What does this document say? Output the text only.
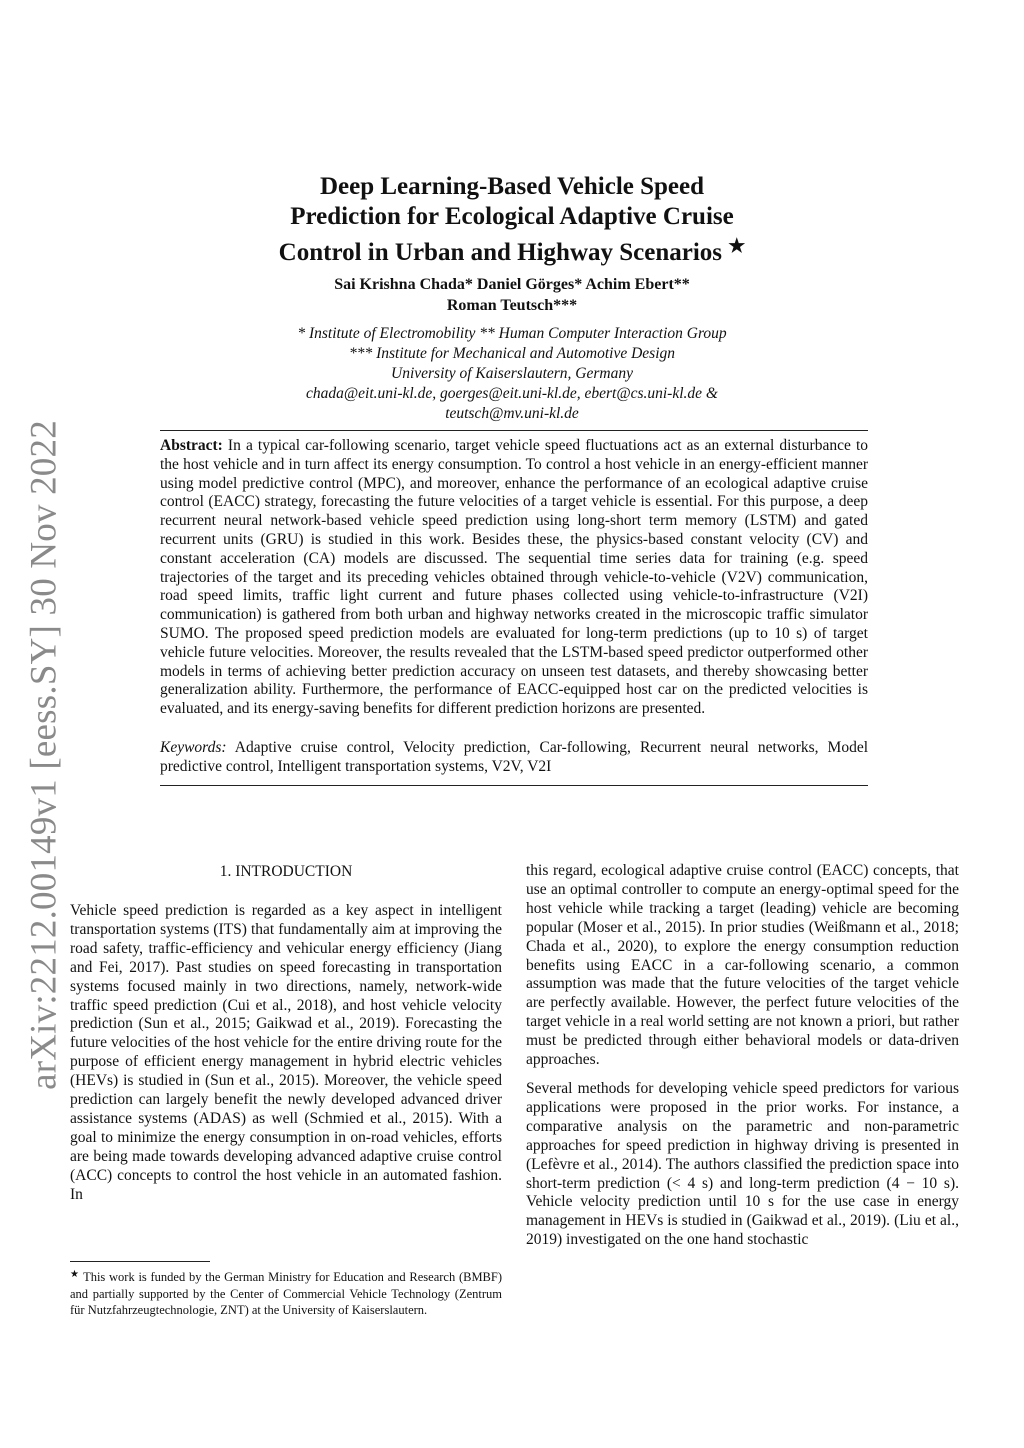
arXiv:2212.00149v1 [eess.SY] 30 Nov 2022
Deep Learning-Based Vehicle Speed
Prediction for Ecological Adaptive Cruise
Control in Urban and Highway Scenarios ★
Sai Krishna Chada* Daniel Görges* Achim Ebert**
Roman Teutsch***
* Institute of Electromobility ** Human Computer Interaction Group
*** Institute for Mechanical and Automotive Design
University of Kaiserslautern, Germany
chada@eit.uni-kl.de, goerges@eit.uni-kl.de, ebert@cs.uni-kl.de &
teutsch@mv.uni-kl.de

Abstract: In a typical car-following scenario, target vehicle speed fluctuations act as an external disturbance to the host vehicle and in turn affect its energy consumption. To control a host vehicle in an energy-efficient manner using model predictive control (MPC), and moreover, enhance the performance of an ecological adaptive cruise control (EACC) strategy, forecasting the future velocities of a target vehicle is essential. For this purpose, a deep recurrent neural network-based vehicle speed prediction using long-short term memory (LSTM) and gated recurrent units (GRU) is studied in this work. Besides these, the physics-based constant velocity (CV) and constant acceleration (CA) models are discussed. The sequential time series data for training (e.g. speed trajectories of the target and its preceding vehicles obtained through vehicle-to-vehicle (V2V) communication, road speed limits, traffic light current and future phases collected using vehicle-to-infrastructure (V2I) communication) is gathered from both urban and highway networks created in the microscopic traffic simulator SUMO. The proposed speed prediction models are evaluated for long-term predictions (up to 10 s) of target vehicle future velocities. Moreover, the results revealed that the LSTM-based speed predictor outperformed other models in terms of achieving better prediction accuracy on unseen test datasets, and thereby showcasing better generalization ability. Furthermore, the performance of EACC-equipped host car on the predicted velocities is evaluated, and its energy-saving benefits for different prediction horizons are presented.

Keywords: Adaptive cruise control, Velocity prediction, Car-following, Recurrent neural networks, Model predictive control, Intelligent transportation systems, V2V, V2I

1. INTRODUCTION

Vehicle speed prediction is regarded as a key aspect in intelligent transportation systems (ITS) that fundamentally aim at improving the road safety, traffic-efficiency and vehicular energy efficiency (Jiang and Fei, 2017). Past studies on speed forecasting in transportation systems focused mainly in two directions, namely, network-wide traffic speed prediction (Cui et al., 2018), and host vehicle velocity prediction (Sun et al., 2015; Gaikwad et al., 2019). Forecasting the future velocities of the host vehicle for the entire driving route for the purpose of efficient energy management in hybrid electric vehicles (HEVs) is studied in (Sun et al., 2015). Moreover, the vehicle speed prediction can largely benefit the newly developed advanced driver assistance systems (ADAS) as well (Schmied et al., 2015). With a goal to minimize the energy consumption in on-road vehicles, efforts are being made towards developing advanced adaptive cruise control (ACC) concepts to control the host vehicle in an automated fashion. In

this regard, ecological adaptive cruise control (EACC) concepts, that use an optimal controller to compute an energy-optimal speed for the host vehicle while tracking a target (leading) vehicle are becoming popular (Moser et al., 2015). In prior studies (Weißmann et al., 2018; Chada et al., 2020), to explore the energy consumption reduction benefits using EACC in a car-following scenario, a common assumption was made that the future velocities of the target vehicle are perfectly available. However, the perfect future velocities of the target vehicle in a real world setting are not known a priori, but rather must be predicted through either behavioral models or data-driven approaches.

Several methods for developing vehicle speed predictors for various applications were proposed in the prior works. For instance, a comparative analysis on the parametric and non-parametric approaches for speed prediction in highway driving is presented in (Lefèvre et al., 2014). The authors classified the prediction space into short-term prediction (< 4 s) and long-term prediction (4 − 10 s). Vehicle velocity prediction until 10 s for the use case in energy management in HEVs is studied in (Gaikwad et al., 2019). (Liu et al., 2019) investigated on the one hand stochastic

★ This work is funded by the German Ministry for Education and Research (BMBF) and partially supported by the Center of Commercial Vehicle Technology (Zentrum für Nutzfahrzeugtechnologie, ZNT) at the University of Kaiserslautern.
